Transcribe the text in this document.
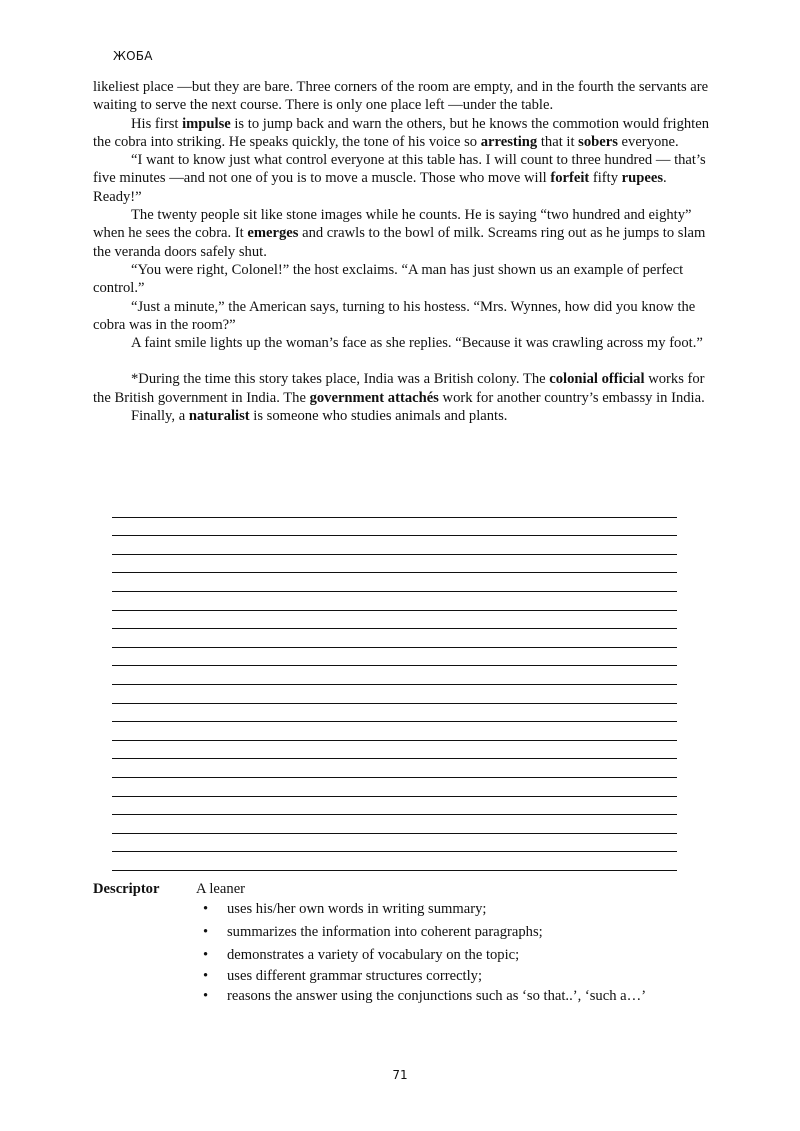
ЖОБА

likeliest place —but they are bare. Three corners of the room are empty, and in the fourth the servants are waiting to serve the next course. There is only one place left —under the table.

His first impulse is to jump back and warn the others, but he knows the commotion would frighten the cobra into striking. He speaks quickly, the tone of his voice so arresting that it sobers everyone.

“I want to know just what control everyone at this table has. I will count to three hundred — that’s five minutes —and not one of you is to move a muscle. Those who move will forfeit fifty rupees. Ready!”

The twenty people sit like stone images while he counts. He is saying “two hundred and eighty” when he sees the cobra. It emerges and crawls to the bowl of milk. Screams ring out as he jumps to slam the veranda doors safely shut.

“You were right, Colonel!” the host exclaims. “A man has just shown us an example of perfect control.”

“Just a minute,” the American says, turning to his hostess. “Mrs. Wynnes, how did you know the cobra was in the room?”

A faint smile lights up the woman’s face as she replies. “Because it was crawling across my foot.”

*During the time this story takes place, India was a British colony. The colonial official works for the British government in India. The government attachés work for another country’s embassy in India.

Finally, a naturalist is someone who studies animals and plants.

Descriptor	A leaner
• uses his/her own words in writing summary;
• summarizes the information into coherent paragraphs;
• demonstrates a variety of vocabulary on the topic;
• uses different grammar structures correctly;
• reasons the answer using the conjunctions such as ‘so that..’, ‘such a…’
71
